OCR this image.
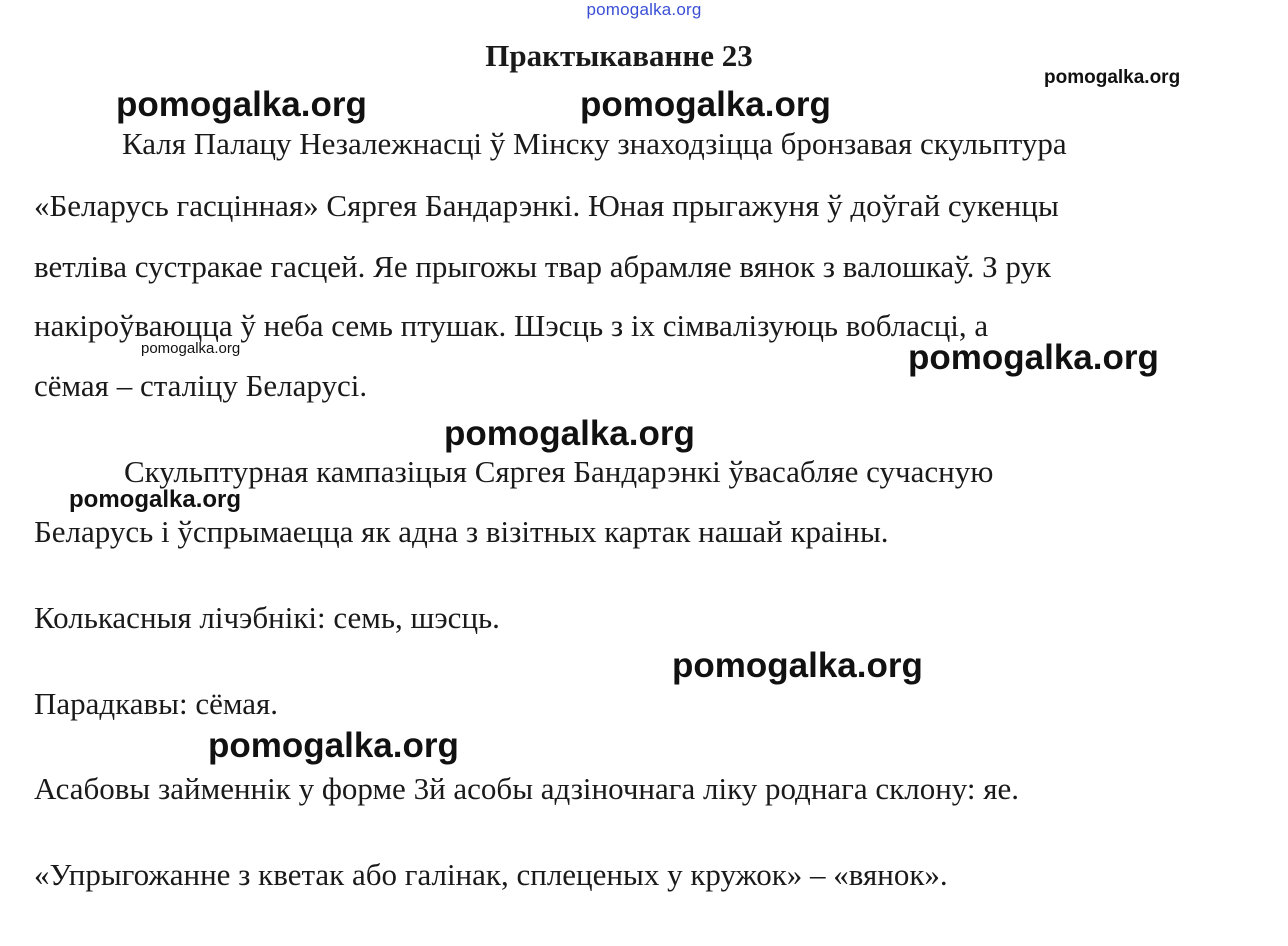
pomogalka.org
Практыкаванне 23
Каля Палацу Незалежнасці ў Мінску знаходзіцца бронзавая скульптура
«Беларусь гасцінная» Сяргея Бандарэнкі. Юная прыгажуня ў доўгай сукенцы
ветліва сустракае гасцей. Яе прыгожы твар абрамляе вянок з валошкаў. З рук
накіроўваюцца ў неба семь птушак. Шэсць з іх сімвалізуюць вобласці, а
сёмая – сталіцу Беларусі.
Скульптурная кампазіцыя Сяргея Бандарэнкі ўвасабляе сучасную
Беларусь і ўспрымаецца як адна з візітных картак нашай краіны.
Колькасныя лічэбнікі: семь, шэсць.
Парадкавы: сёмая.
Асабовы займеннік у форме 3й асобы адзіночнага ліку роднага склону: яе.
«Упрыгожанне з кветак або галінак, сплеценых у кружок» – «вянок».
pomogalka.org
pomogalka.org	pomogalka.org
pomogalka.org	pomogalka.org
pomogalka.org
pomogalka.org
pomogalka.org
pomogalka.org
